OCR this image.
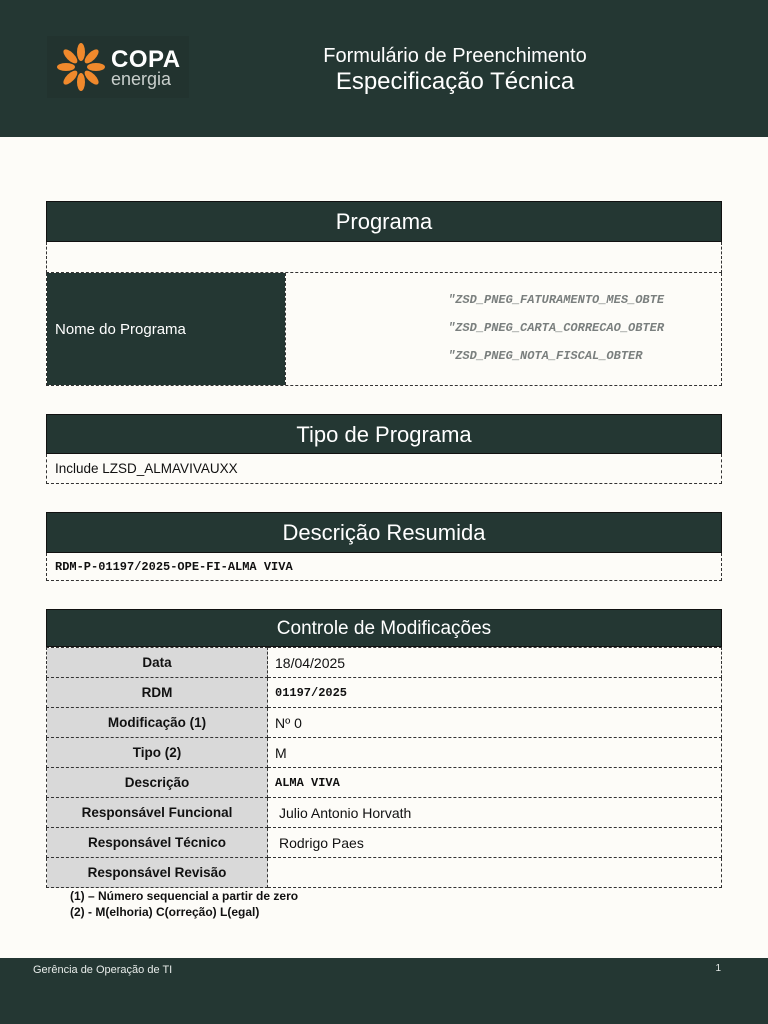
COPA
energia
Formulário de Preenchimento
Especificação Técnica
Programa
Nome do Programa
"ZSD_PNEG_FATURAMENTO_MES_OBTE
"ZSD_PNEG_CARTA_CORRECAO_OBTER
"ZSD_PNEG_NOTA_FISCAL_OBTER
Tipo de Programa
Include LZSD_ALMAVIVAUXX
Descrição Resumida
RDM-P-01197/2025-OPE-FI-ALMA VIVA
Controle de Modificações
Data	18/04/2025
RDM	01197/2025
Modificação (1)	Nº 0
Tipo (2)	M
Descrição	ALMA VIVA
Responsável Funcional	Julio Antonio Horvath
Responsável Técnico	Rodrigo Paes
Responsável Revisão	
(1) – Número sequencial a partir de zero
(2) - M(elhoria) C(orreção) L(egal)
Gerência de Operação de TI	1
